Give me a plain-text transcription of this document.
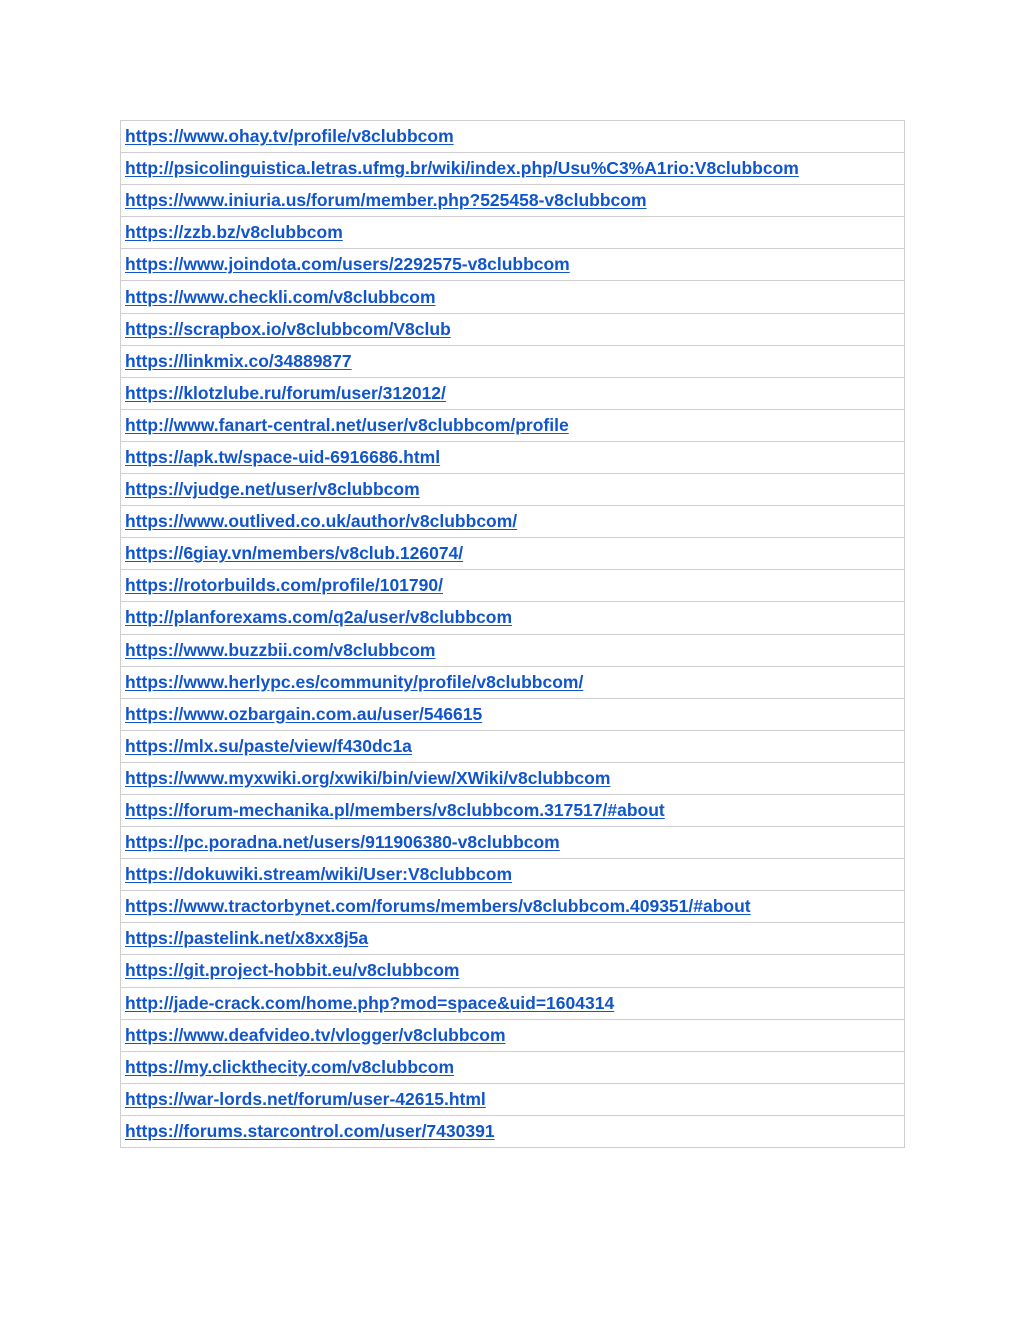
https://www.ohay.tv/profile/v8clubbcom
http://psicolinguistica.letras.ufmg.br/wiki/index.php/Usu%C3%A1rio:V8clubbcom
https://www.iniuria.us/forum/member.php?525458-v8clubbcom
https://zzb.bz/v8clubbcom
https://www.joindota.com/users/2292575-v8clubbcom
https://www.checkli.com/v8clubbcom
https://scrapbox.io/v8clubbcom/V8club
https://linkmix.co/34889877
https://klotzlube.ru/forum/user/312012/
http://www.fanart-central.net/user/v8clubbcom/profile
https://apk.tw/space-uid-6916686.html
https://vjudge.net/user/v8clubbcom
https://www.outlived.co.uk/author/v8clubbcom/
https://6giay.vn/members/v8club.126074/
https://rotorbuilds.com/profile/101790/
http://planforexams.com/q2a/user/v8clubbcom
https://www.buzzbii.com/v8clubbcom
https://www.herlypc.es/community/profile/v8clubbcom/
https://www.ozbargain.com.au/user/546615
https://mlx.su/paste/view/f430dc1a
https://www.myxwiki.org/xwiki/bin/view/XWiki/v8clubbcom
https://forum-mechanika.pl/members/v8clubbcom.317517/#about
https://pc.poradna.net/users/911906380-v8clubbcom
https://dokuwiki.stream/wiki/User:V8clubbcom
https://www.tractorbynet.com/forums/members/v8clubbcom.409351/#about
https://pastelink.net/x8xx8j5a
https://git.project-hobbit.eu/v8clubbcom
http://jade-crack.com/home.php?mod=space&uid=1604314
https://www.deafvideo.tv/vlogger/v8clubbcom
https://my.clickthecity.com/v8clubbcom
https://war-lords.net/forum/user-42615.html
https://forums.starcontrol.com/user/7430391
